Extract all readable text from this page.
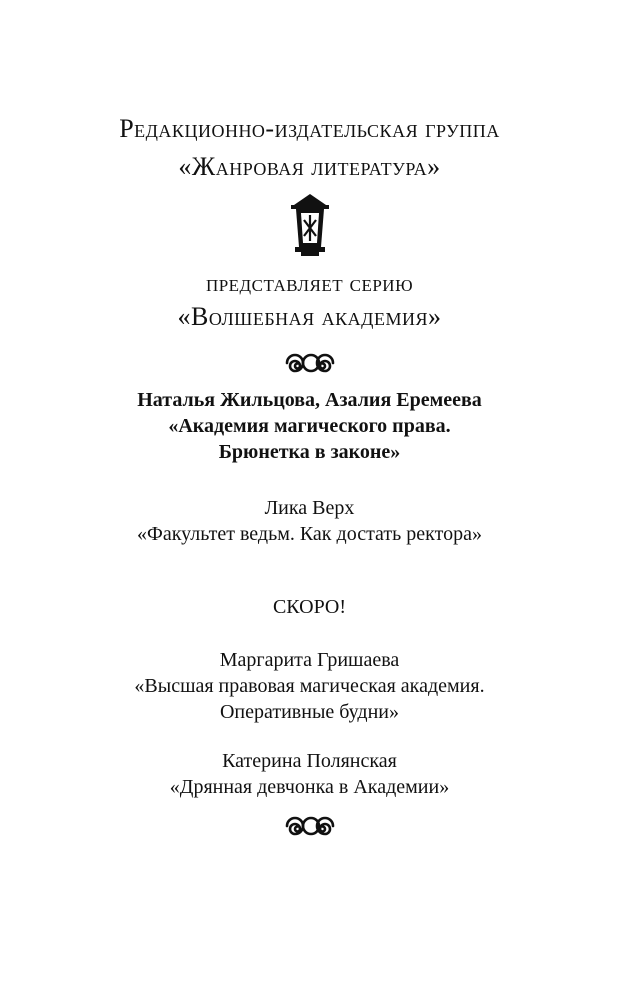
Редакционно-издательская группа
«Жанровая литература»
представляет серию
«Волшебная академия»
Наталья Жильцова, Азалия Еремеева
«Академия магического права.
Брюнетка в законе»
Лика Верх
«Факультет ведьм. Как достать ректора»
СКОРО!
Маргарита Гришаева
«Высшая правовая магическая академия.
Оперативные будни»
Катерина Полянская
«Дрянная девчонка в Академии»
